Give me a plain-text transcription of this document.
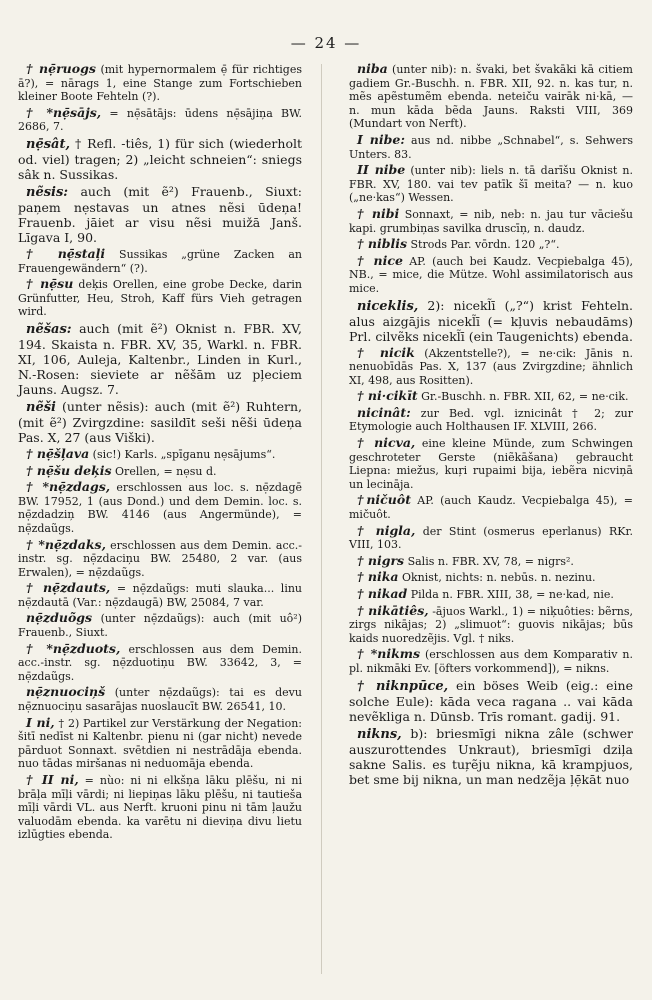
— 24 —

† nẹ̄ruogs (mit hypernormalem ẹ̄ für richtiges ā?), = nārags 1, eine Stange zum Fortschieben kleiner Boote Fehteln (?).

† *nẹ̄sājs, = nẹ̄sātājs: ūdens nẹ̄sājiņa BW. 2686, 7.

nẹ̄sât, † Refl. -tiês, 1) für sich (wiederholt od. viel) tragen; 2) „leicht schneien“: sniegs sâk n. Sussikas.

nẽsis: auch (mit ẽ²) Frauenb., Siuxt: paņem nẹstavas un atnes nẽsi ūdeņa! Frauenb. jāiet ar visu nẽsi muižā Janš. Līgava I, 90.

† nẹ̄staļi Sussikas „grüne Zacken an Frauengewändern“ (?).

† nẹ̄su deķis Orellen, eine grobe Decke, darin Grünfutter, Heu, Stroh, Kaff fürs Vieh getragen wird.

nẽšas: auch (mit ẽ²) Oknist n. FBR. XV, 194. Skaista n. FBR. XV, 35, Warkl. n. FBR. XI, 106, Auleja, Kaltenbr., Linden in Kurl., N.-Rosen: sieviete ar nẽšām uz pļeciem Jauns. Augsz. 7.

nẽši (unter nẽsis): auch (mit ẽ²) Ruhtern, (mit ẽ²) Zvirgzdine: sasildīt seši nẽši ūdeņa Pas. X, 27 (aus Viški).

† nẹ̄šļava (sic!) Karls. „spīganu nẹsājums“.

† nẹ̄šu deķis Orellen, = nẹsu d.

† *nẹ̄zdags, erschlossen aus loc. s. nẹ̄zdagē BW. 17952, 1 (aus Dond.) und dem Demin. loc. s. nẹ̄zdadziņ BW. 4146 (aus Angermünde), = nẹ̄zdaũgs.

† *nẹ̄zdaks, erschlossen aus dem Demin. acc.-instr. sg. nẹ̄zdaciņu BW. 25480, 2 var. (aus Erwalen), = nẹ̄zdaũgs.

† nẹ̄zdauts, = nẹ̄zdaũgs: muti slauka... linu nẹ̄zdautā (Var.: nẹ̄zdaugā) BW, 25084, 7 var.

nẹ̄zduõgs (unter nẹ̄zdaũgs): auch (mit uô²) Frauenb., Siuxt.

† *nẹ̄zduots, erschlossen aus dem Demin. acc.-instr. sg. nẹ̄zduotiņu BW. 33642, 3, = nẹ̄zdaũgs.

nẹ̄znuociņš (unter nẹ̄zdaũgs): tai es devu nẹ̄znuociņu sasarājas nuoslaucīt BW. 26541, 10.

I ni, † 2) Partikel zur Verstärkung der Negation: šitī nedīst ni Kaltenbr. pienu ni (gar nicht) nevede pārduot Sonnaxt. svētdien ni nestrādāja ebenda. nuo tādas miršanas ni neduomāja ebenda.

† II ni, = nùo: ni ni elkšņa lāku plēšu, ni ni brāļa mīļi vārdi; ni liepiņas lāku plēšu, ni tautieša mīļi vārdi VL. aus Nerft. kruoni pinu ni tām ļaužu valuodām ebenda. ka varētu ni dieviņa divu lietu izlūgties ebenda.

niba (unter nib): n. švaki, bet švakāki kā citiem gadiem Gr.-Buschh. n. FBR. XII, 92. n. kas tur, n. mẽs apẽstumẽm ebenda. neteiču vairāk ni·kā, — n. mun kāda bẽda Jauns. Raksti VIII, 369 (Mundart von Nerft).

I nibe: aus nd. nibbe „Schnabel“, s. Sehwers Unters. 83.

II nibe (unter nib): liels n. tā darīšu Oknist n. FBR. XV, 180. vai tev patīk šī meita? — n. kuo („ne·kas“) Wessen.

† nibi Sonnaxt, = nib, neb: n. jau tur vāciešu kapi. grumbiņas savilka druscīņ, n. daudz.

† niblis Strods Par. vōrdn. 120 „?“.

† nice AP. (auch bei Kaudz. Vecpiebalga 45), NB., = mice, die Mütze. Wohl assimilatorisch aus mice.

niceklis, 2): nicekl̃ī („?“) krist Fehteln. alus aizgājis nicekl̃ī (= kļuvis nebaudāms) Prl. cilvẽks nicekl̃ī (ein Taugenichts) ebenda.

† nicik (Akzentstelle?), = ne·cik: Jānis n. nenuobīdās Pas. X, 137 (aus Zvirgzdine; ähnlich XI, 498, aus Rositten).

† ni·cikīt Gr.-Buschh. n. FBR. XII, 62, = ne·cik.

nicinât: zur Bed. vgl. iznicinât † 2; zur Etymologie auch Holthausen IF. XLVIII, 266.

† nicva, eine kleine Münde, zum Schwingen geschroteter Gerste (niẽkāšana) gebraucht Liepna: miežus, kuŗi rupaimi bija, iebẽra nicviņā un lecināja.

†ničuôt AP. (auch Kaudz. Vecpiebalga 45), = mičuôt.

† nigla, der Stint (osmerus eperlanus) RKr. VIII, 103.

† nigrs Salis n. FBR. XV, 78, = nigrs².

† nika Oknist, nichts: n. nebūs. n. nezinu.

† nikad Pilda n. FBR. XIII, 38, = ne·kad, nie.

† nikātiês, -ājuos Warkl., 1) = niķuôties: bẽrns, zirgs nikājas; 2) „slimuot“: guovis nikājas; būs kaids nuoredzẽjis. Vgl. † niks.

† *nikms (erschlossen aus dem Komparativ n. pl. nikmāki Ev. [öfters vorkommend]), = nikns.

† niknpūce, ein böses Weib (eig.: eine solche Eule): kāda veca ragana .. vai kāda nevẽkliga n. Dūnsb. Trīs romant. gadij. 91.

nikns, b): briesmīgi nikna zâle (schwer auszurottendes Unkraut), briesmīgi dziļa sakne Salis. es tuŗẽju nikna, kā krampjuos, bet sme bij nikna, un man nedzẽja ļẹ̄kāt nuo
